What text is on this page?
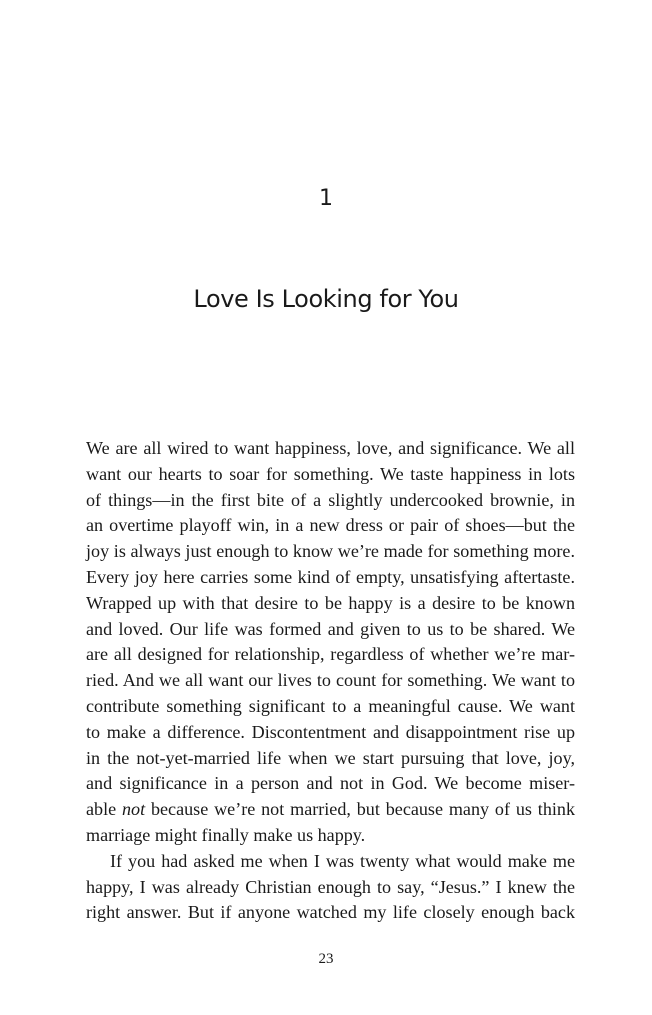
1
Love Is Looking for You

We are all wired to want happiness, love, and significance. We all
want our hearts to soar for something. We taste happiness in lots
of things—in the first bite of a slightly undercooked brownie, in
an overtime playoff win, in a new dress or pair of shoes—but the
joy is always just enough to know we’re made for something more.
Every joy here carries some kind of empty, unsatisfying aftertaste.
Wrapped up with that desire to be happy is a desire to be known
and loved. Our life was formed and given to us to be shared. We
are all designed for relationship, regardless of whether we’re mar-
ried. And we all want our lives to count for something. We want to
contribute something significant to a meaningful cause. We want
to make a difference. Discontentment and disappointment rise up
in the not-yet-married life when we start pursuing that love, joy,
and significance in a person and not in God. We become miser-
able not because we’re not married, but because many of us think
marriage might finally make us happy.

If you had asked me when I was twenty what would make me
happy, I was already Christian enough to say, “Jesus.” I knew the
right answer. But if anyone watched my life closely enough back

23
